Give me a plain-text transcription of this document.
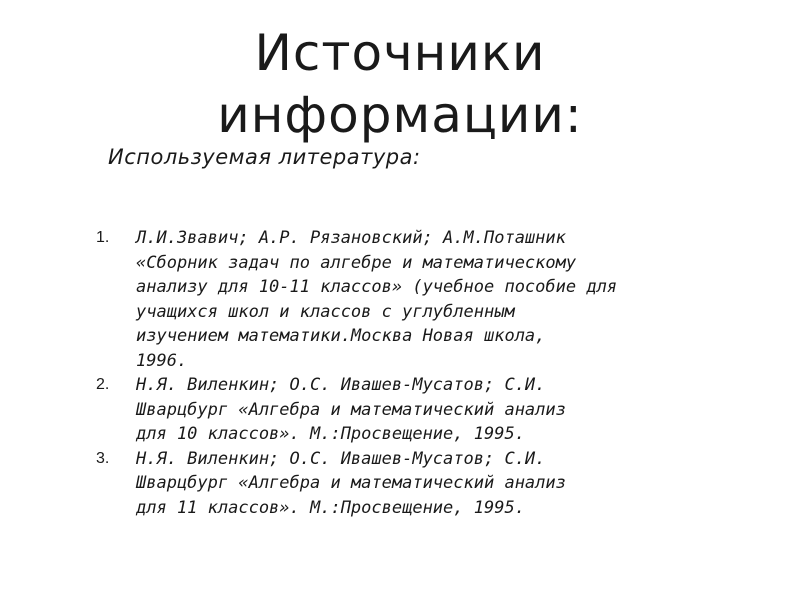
Источники
информации:
Используемая литература:
1. Л.И.Звавич; А.Р. Рязановский; А.М.Поташник
«Сборник задач по алгебре и математическому
анализу для 10-11 классов» (учебное пособие для
учащихся школ и классов с углубленным
изучением математики.Москва Новая школа,
1996.
2. Н.Я. Виленкин; О.С. Ивашев-Мусатов; С.И.
Шварцбург «Алгебра и математический анализ
для 10 классов». М.:Просвещение, 1995.
3. Н.Я. Виленкин; О.С. Ивашев-Мусатов; С.И.
Шварцбург «Алгебра и математический анализ
для 11 классов». М.:Просвещение, 1995.
